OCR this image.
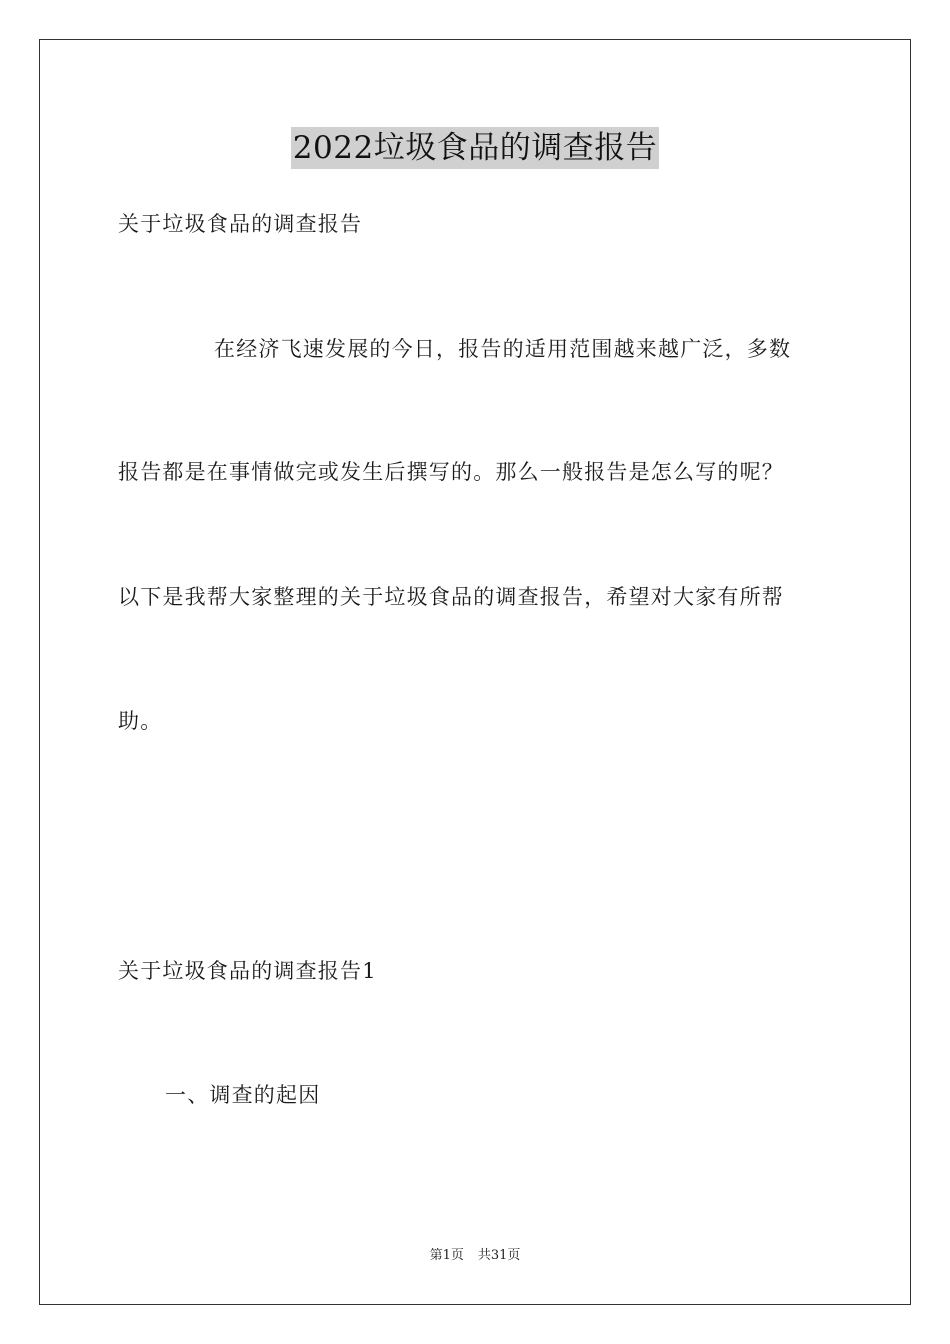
2022垃圾食品的调查报告
关于垃圾食品的调查报告
在经济飞速发展的今日，报告的适用范围越来越广泛，多数
报告都是在事情做完或发生后撰写的。那么一般报告是怎么写的呢？
以下是我帮大家整理的关于垃圾食品的调查报告，希望对大家有所帮
助。
关于垃圾食品的调查报告1
一、调查的起因
第1页 共31页
